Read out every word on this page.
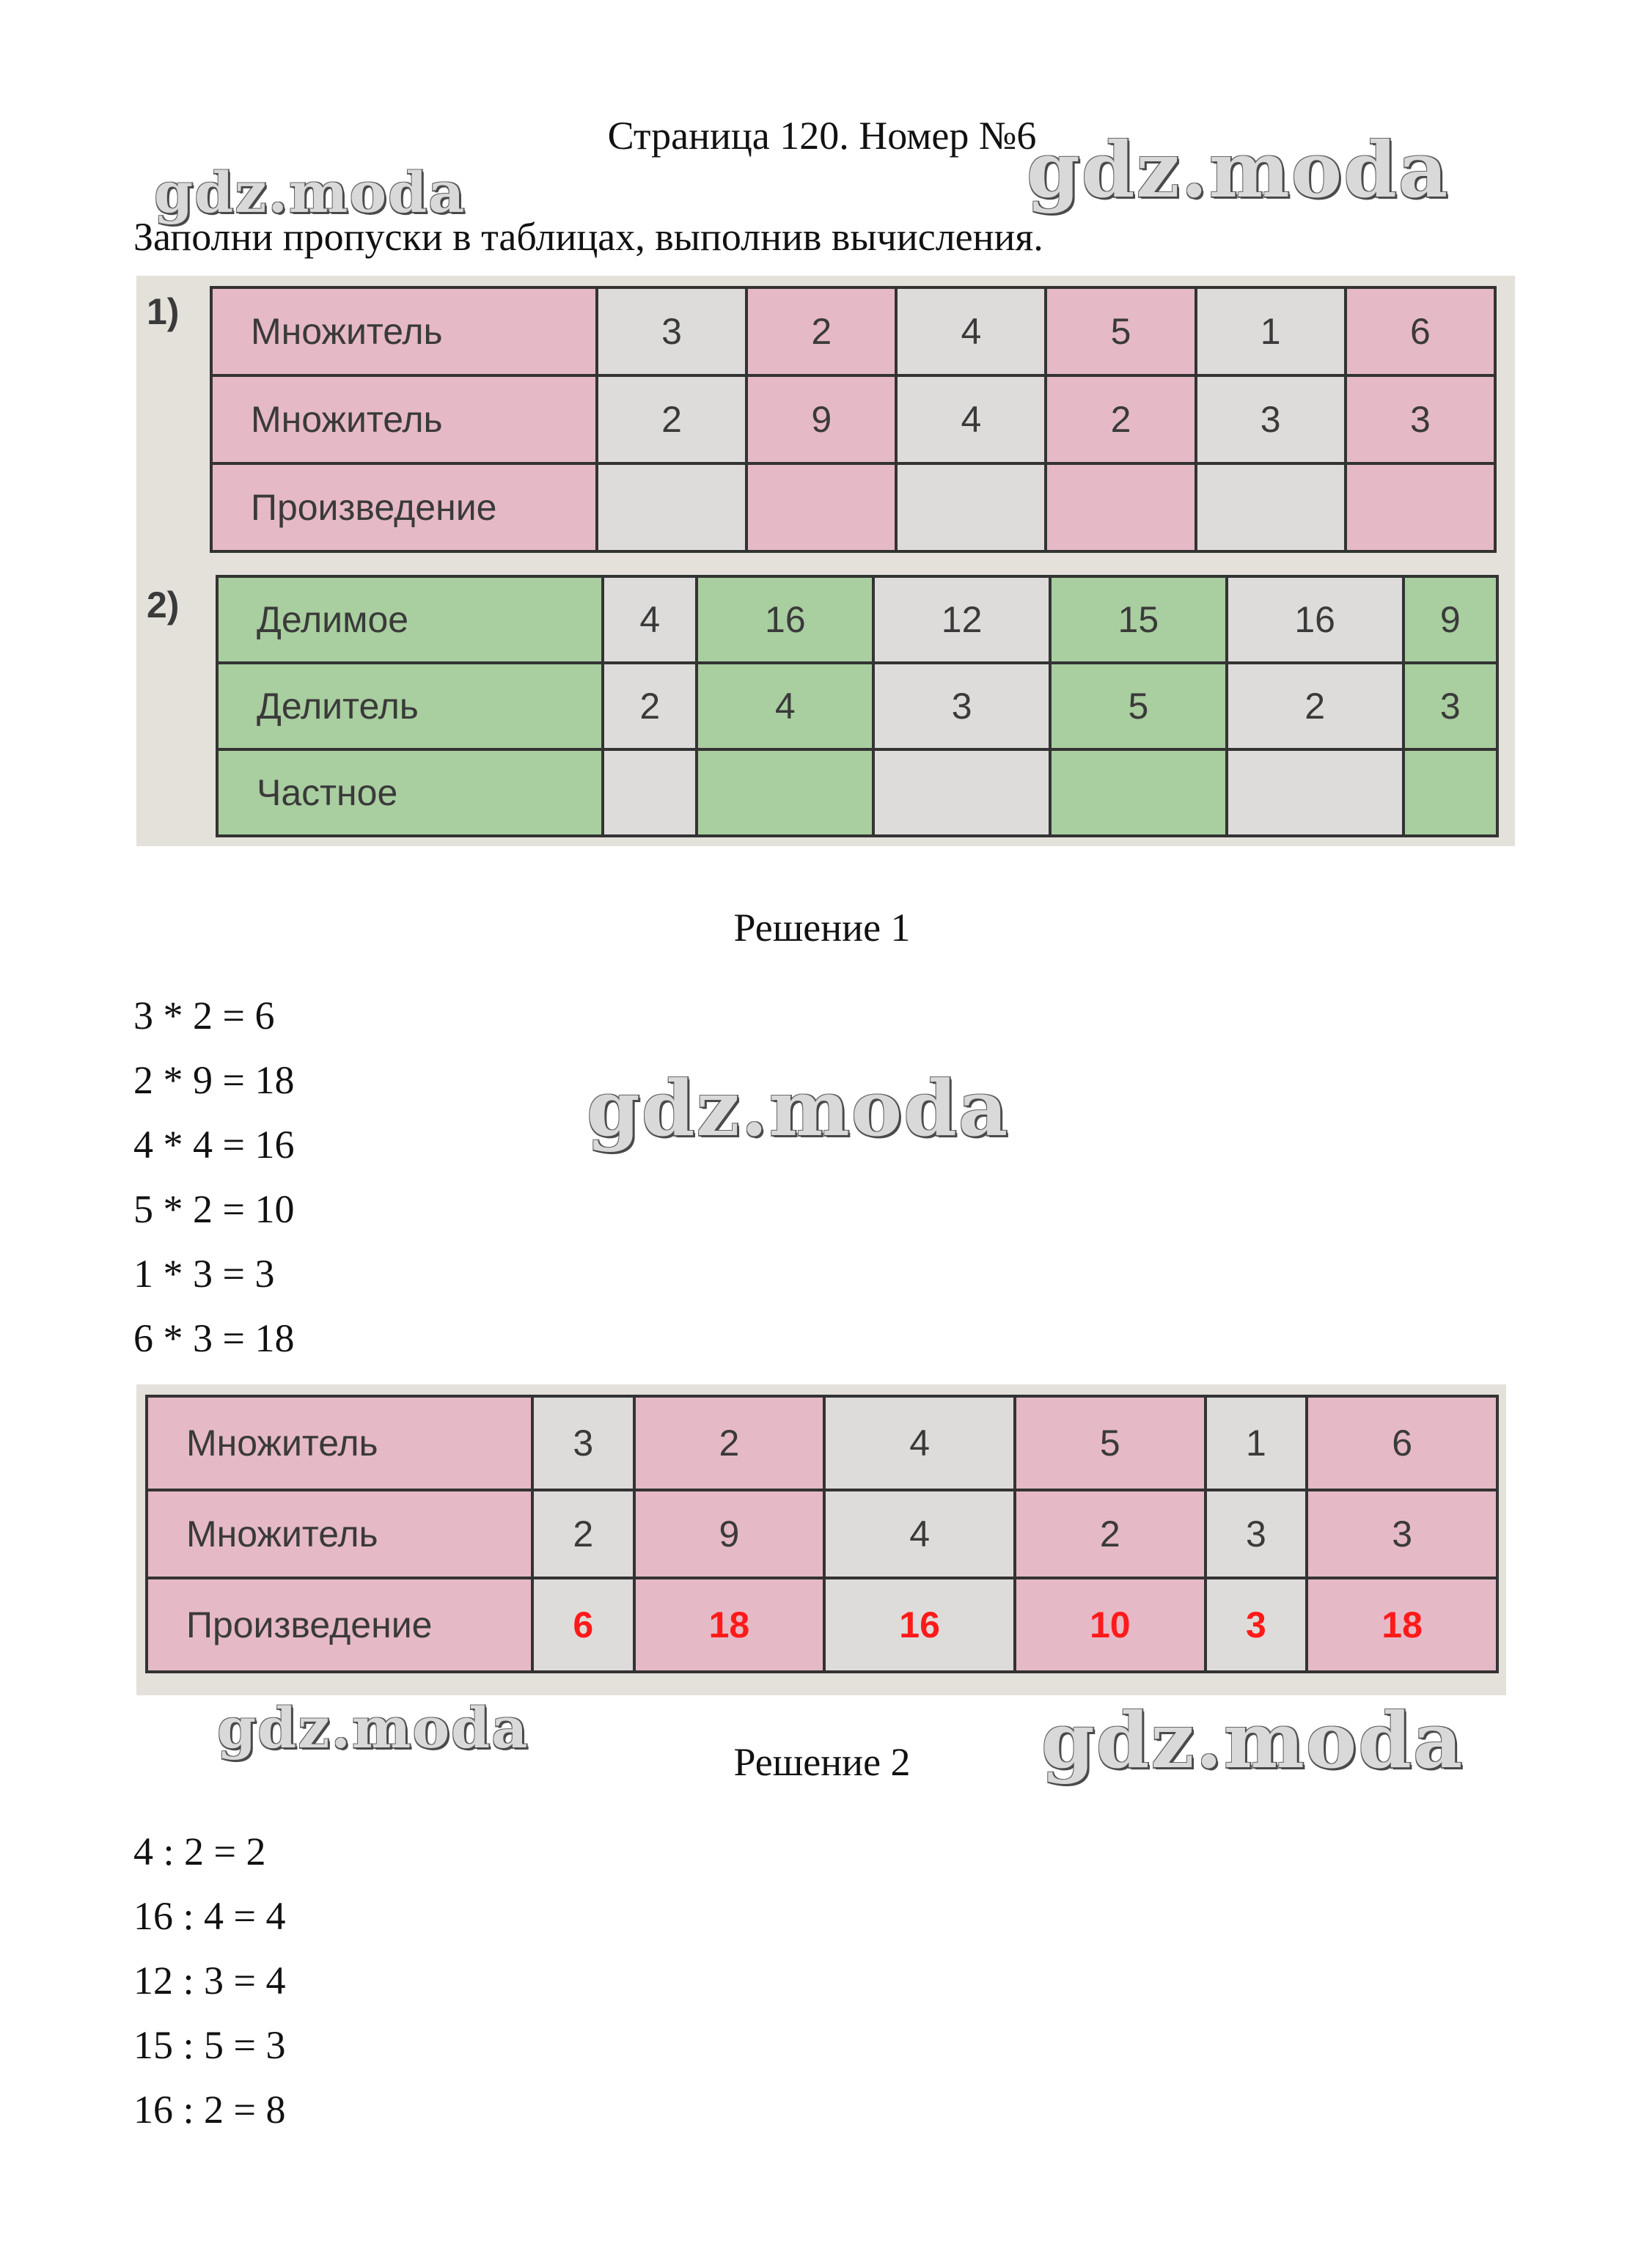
Страница 120. Номер №6
Заполни пропуски в таблицах, выполнив вычисления.
1) Множитель	3	2	4	5	1	6
Множитель	2	9	4	2	3	3
Произведение						
2) Делимое	4	16	12	15	16	9
Делитель	2	4	3	5	2	3
Частное						
Решение 1
3 * 2 = 6
2 * 9 = 18
4 * 4 = 16
5 * 2 = 10
1 * 3 = 3
6 * 3 = 18
Множитель	3	2	4	5	1	6
Множитель	2	9	4	2	3	3
Произведение	6	18	16	10	3	18
Решение 2
4 : 2 = 2
16 : 4 = 4
12 : 3 = 4
15 : 5 = 3
16 : 2 = 8
gdz.moda	gdz.moda
gdz.moda
gdz.moda	gdz.moda
